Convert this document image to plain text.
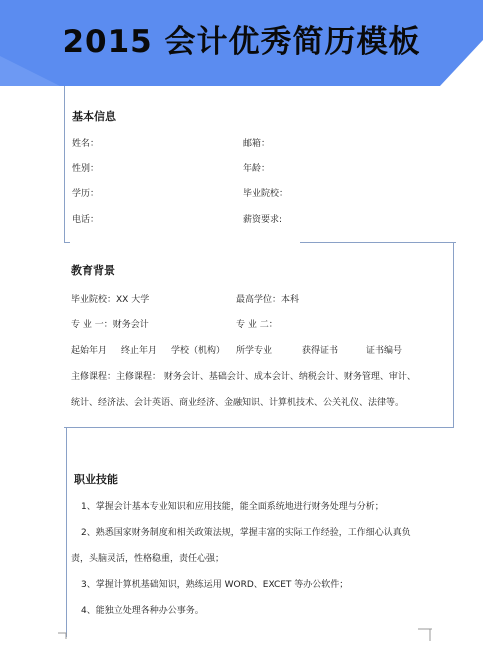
2015 会计优秀简历模板
基本信息
姓名：	邮箱：
性别：	年龄：
学历：	毕业院校：
电话：	薪资要求:
教育背景
毕业院校：XX 大学	最高学位：本科
专 业 一：财务会计	专 业 二：
起始年月 终止年月 学校（机构） 所学专业	获得证书	证书编号
主修课程：主修课程： 财务会计、基础会计、成本会计、纳税会计、财务管理、审计、
统计、经济法、会计英语、商业经济、金融知识、计算机技术、公关礼仪、法律等。
职业技能
1、掌握会计基本专业知识和应用技能，能全面系统地进行财务处理与分析；
2、熟悉国家财务制度和相关政策法规，掌握丰富的实际工作经验，工作细心认真负
责，头脑灵活，性格稳重，责任心强；
3、掌握计算机基础知识，熟练运用 WORD、EXCET 等办公软件；
4、能独立处理各种办公事务。
